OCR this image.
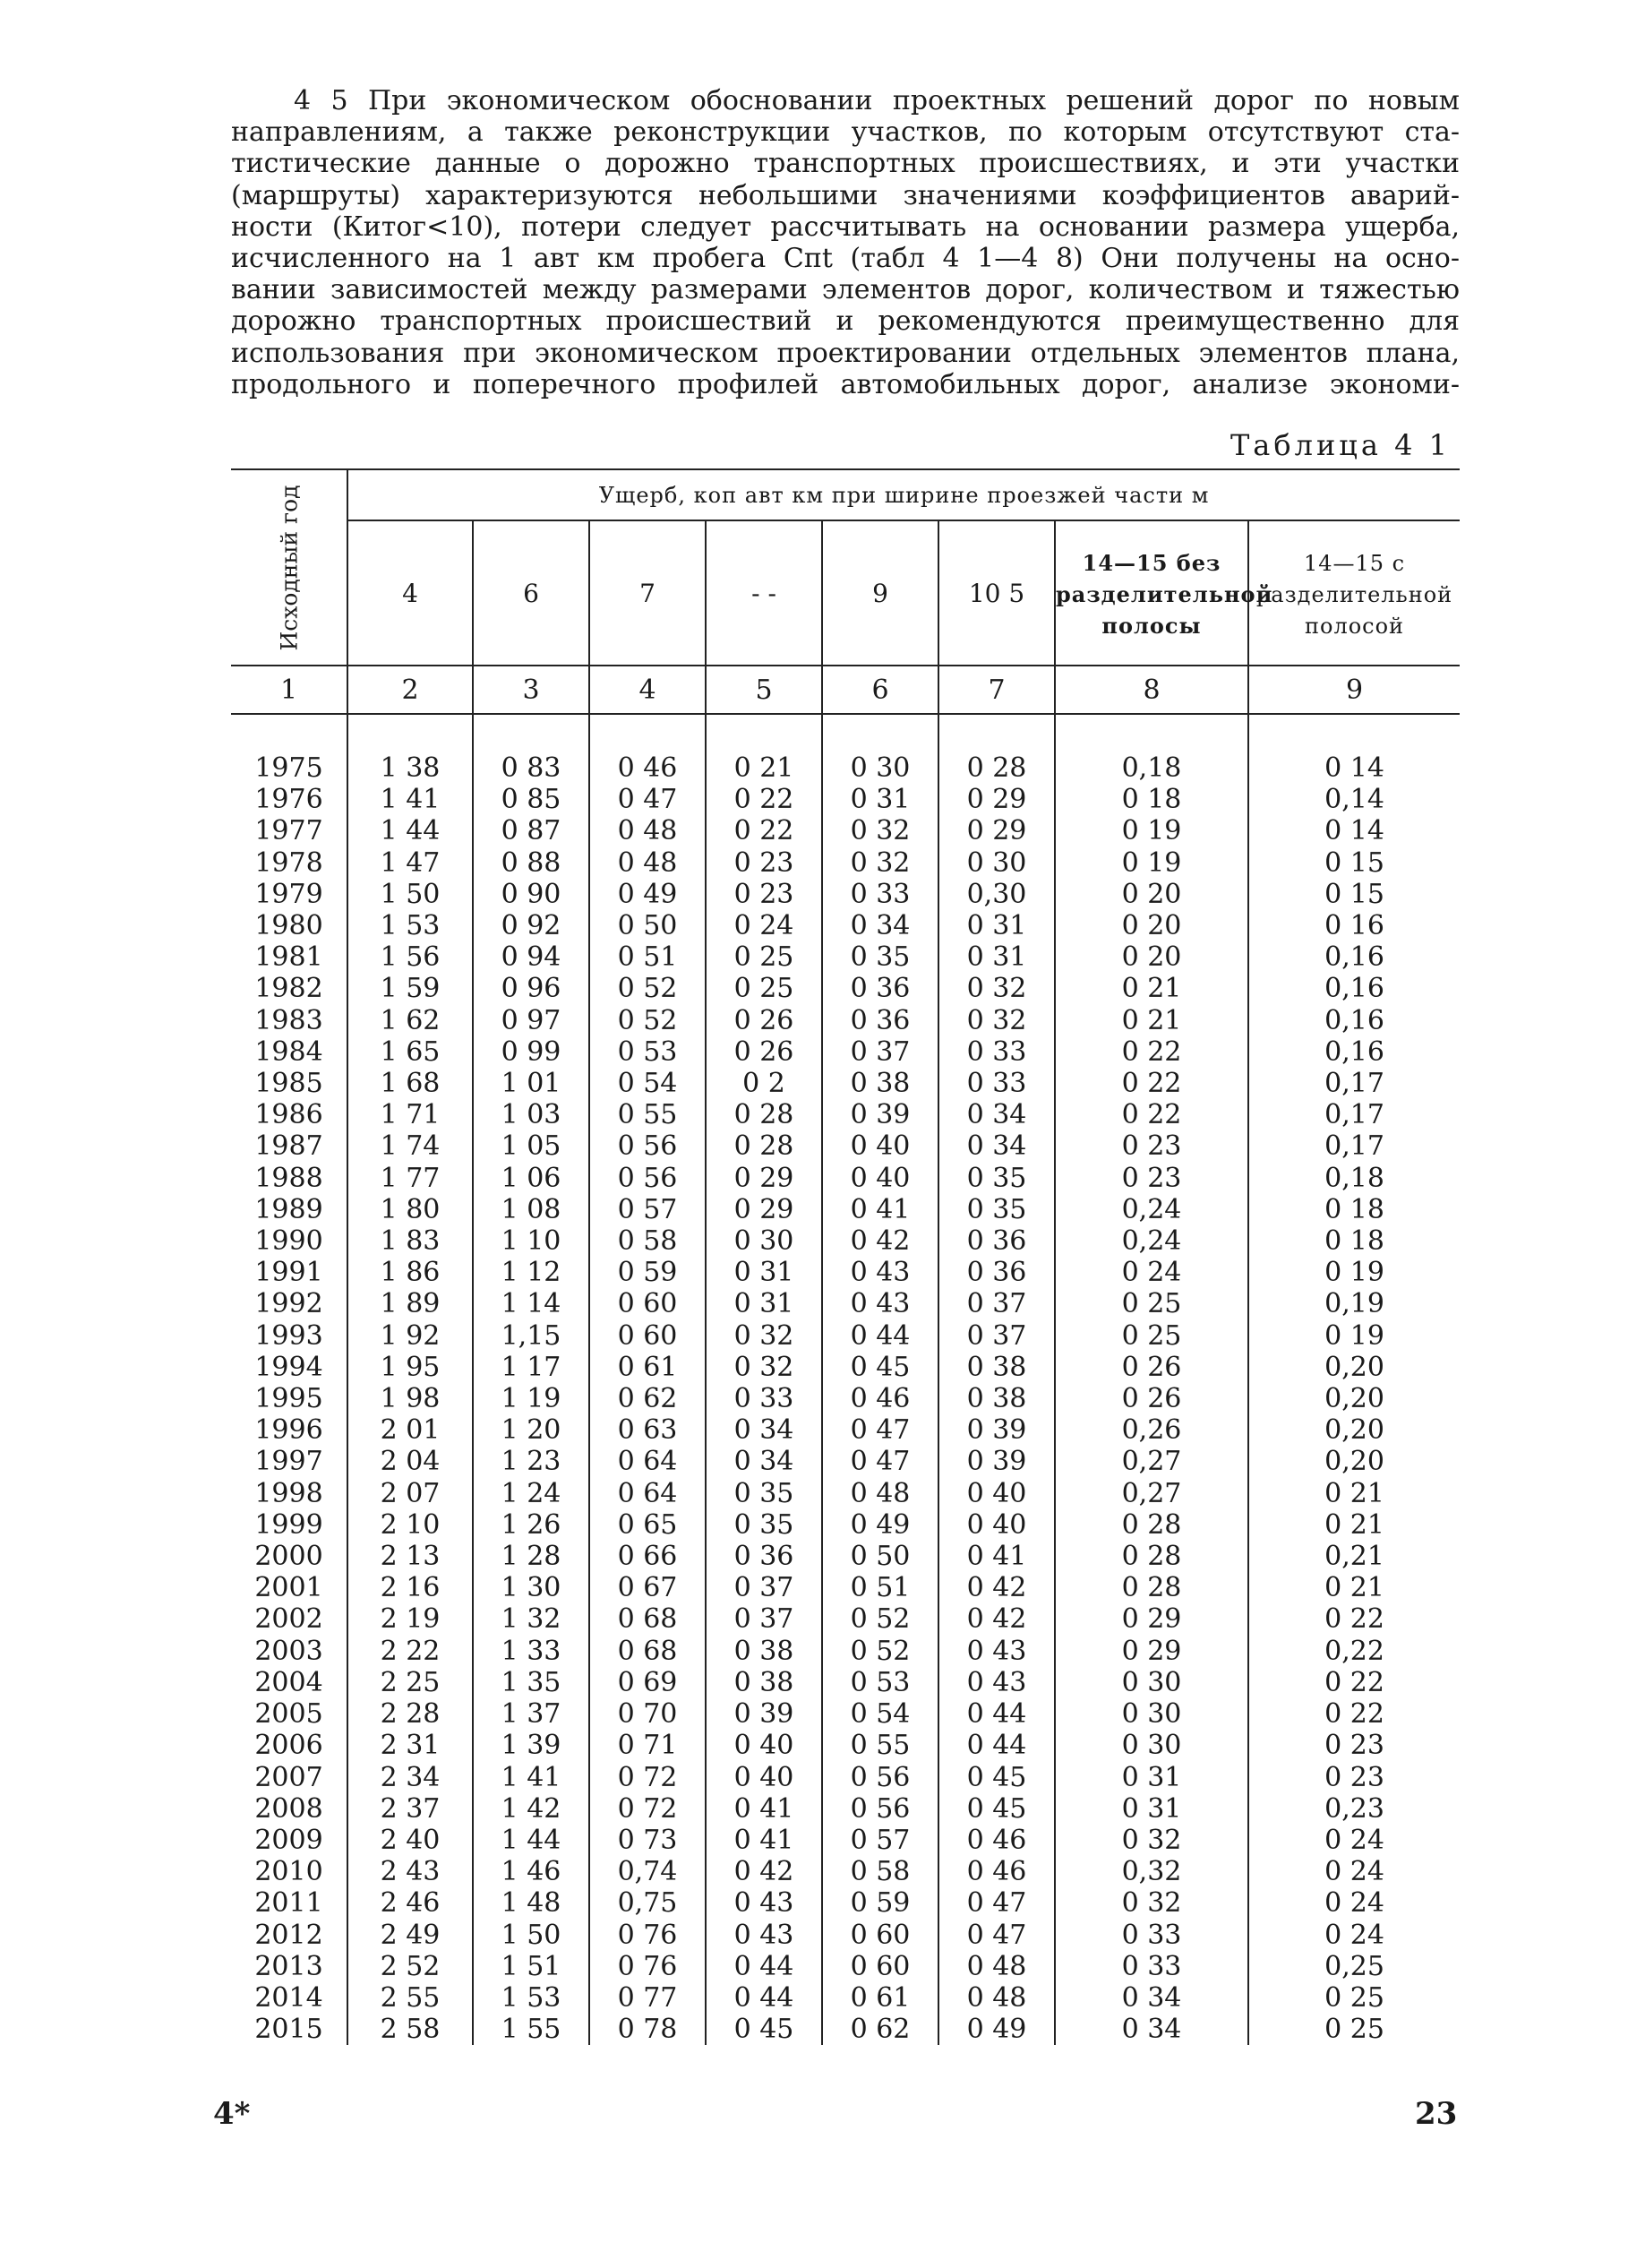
4 5 При экономическом обосновании проектных решений дорог по новым
направлениям, а также реконструкции участков, по которым отсутствуют ста-
тистические данные о дорожно транспортных происшествиях, и эти участки
(маршруты) характеризуются небольшими значениями коэффициентов аварий-
ности (Китог<10), потери следует рассчитывать на основании размера ущерба,
исчисленного на 1 авт км пробега Спt (табл 4 1—4 8) Они получены на осно-
вании зависимостей между размерами элементов дорог, количеством и тяжестью
дорожно транспортных происшествий и рекомендуются преимущественно для
использования при экономическом проектировании отдельных элементов плана,
продольного и поперечного профилей автомобильных дорог, анализе экономи-
Таблица 4 1
Исходный год	Ущерб, коп авт км при ширине проезжей части м							
	4	6	7	- -	9	10 5	14—15 без разделительной полосы	14—15 с разделительной полосой
1	2	3	4	5	6	7	8	9

1975	1 38	0 83	0 46	0 21	0 30	0 28	0,18	0 14
1976	1 41	0 85	0 47	0 22	0 31	0 29	0 18	0,14
1977	1 44	0 87	0 48	0 22	0 32	0 29	0 19	0 14
1978	1 47	0 88	0 48	0 23	0 32	0 30	0 19	0 15
1979	1 50	0 90	0 49	0 23	0 33	0,30	0 20	0 15
1980	1 53	0 92	0 50	0 24	0 34	0 31	0 20	0 16
1981	1 56	0 94	0 51	0 25	0 35	0 31	0 20	0,16
1982	1 59	0 96	0 52	0 25	0 36	0 32	0 21	0,16
1983	1 62	0 97	0 52	0 26	0 36	0 32	0 21	0,16
1984	1 65	0 99	0 53	0 26	0 37	0 33	0 22	0,16
1985	1 68	1 01	0 54	0 2	0 38	0 33	0 22	0,17
1986	1 71	1 03	0 55	0 28	0 39	0 34	0 22	0,17
1987	1 74	1 05	0 56	0 28	0 40	0 34	0 23	0,17
1988	1 77	1 06	0 56	0 29	0 40	0 35	0 23	0,18
1989	1 80	1 08	0 57	0 29	0 41	0 35	0,24	0 18
1990	1 83	1 10	0 58	0 30	0 42	0 36	0,24	0 18
1991	1 86	1 12	0 59	0 31	0 43	0 36	0 24	0 19
1992	1 89	1 14	0 60	0 31	0 43	0 37	0 25	0,19
1993	1 92	1,15	0 60	0 32	0 44	0 37	0 25	0 19
1994	1 95	1 17	0 61	0 32	0 45	0 38	0 26	0,20
1995	1 98	1 19	0 62	0 33	0 46	0 38	0 26	0,20
1996	2 01	1 20	0 63	0 34	0 47	0 39	0,26	0,20
1997	2 04	1 23	0 64	0 34	0 47	0 39	0,27	0,20
1998	2 07	1 24	0 64	0 35	0 48	0 40	0,27	0 21
1999	2 10	1 26	0 65	0 35	0 49	0 40	0 28	0 21
2000	2 13	1 28	0 66	0 36	0 50	0 41	0 28	0,21
2001	2 16	1 30	0 67	0 37	0 51	0 42	0 28	0 21
2002	2 19	1 32	0 68	0 37	0 52	0 42	0 29	0 22
2003	2 22	1 33	0 68	0 38	0 52	0 43	0 29	0,22
2004	2 25	1 35	0 69	0 38	0 53	0 43	0 30	0 22
2005	2 28	1 37	0 70	0 39	0 54	0 44	0 30	0 22
2006	2 31	1 39	0 71	0 40	0 55	0 44	0 30	0 23
2007	2 34	1 41	0 72	0 40	0 56	0 45	0 31	0 23
2008	2 37	1 42	0 72	0 41	0 56	0 45	0 31	0,23
2009	2 40	1 44	0 73	0 41	0 57	0 46	0 32	0 24
2010	2 43	1 46	0,74	0 42	0 58	0 46	0,32	0 24
2011	2 46	1 48	0,75	0 43	0 59	0 47	0 32	0 24
2012	2 49	1 50	0 76	0 43	0 60	0 47	0 33	0 24
2013	2 52	1 51	0 76	0 44	0 60	0 48	0 33	0,25
2014	2 55	1 53	0 77	0 44	0 61	0 48	0 34	0 25
2015	2 58	1 55	0 78	0 45	0 62	0 49	0 34	0 25
4*	23
